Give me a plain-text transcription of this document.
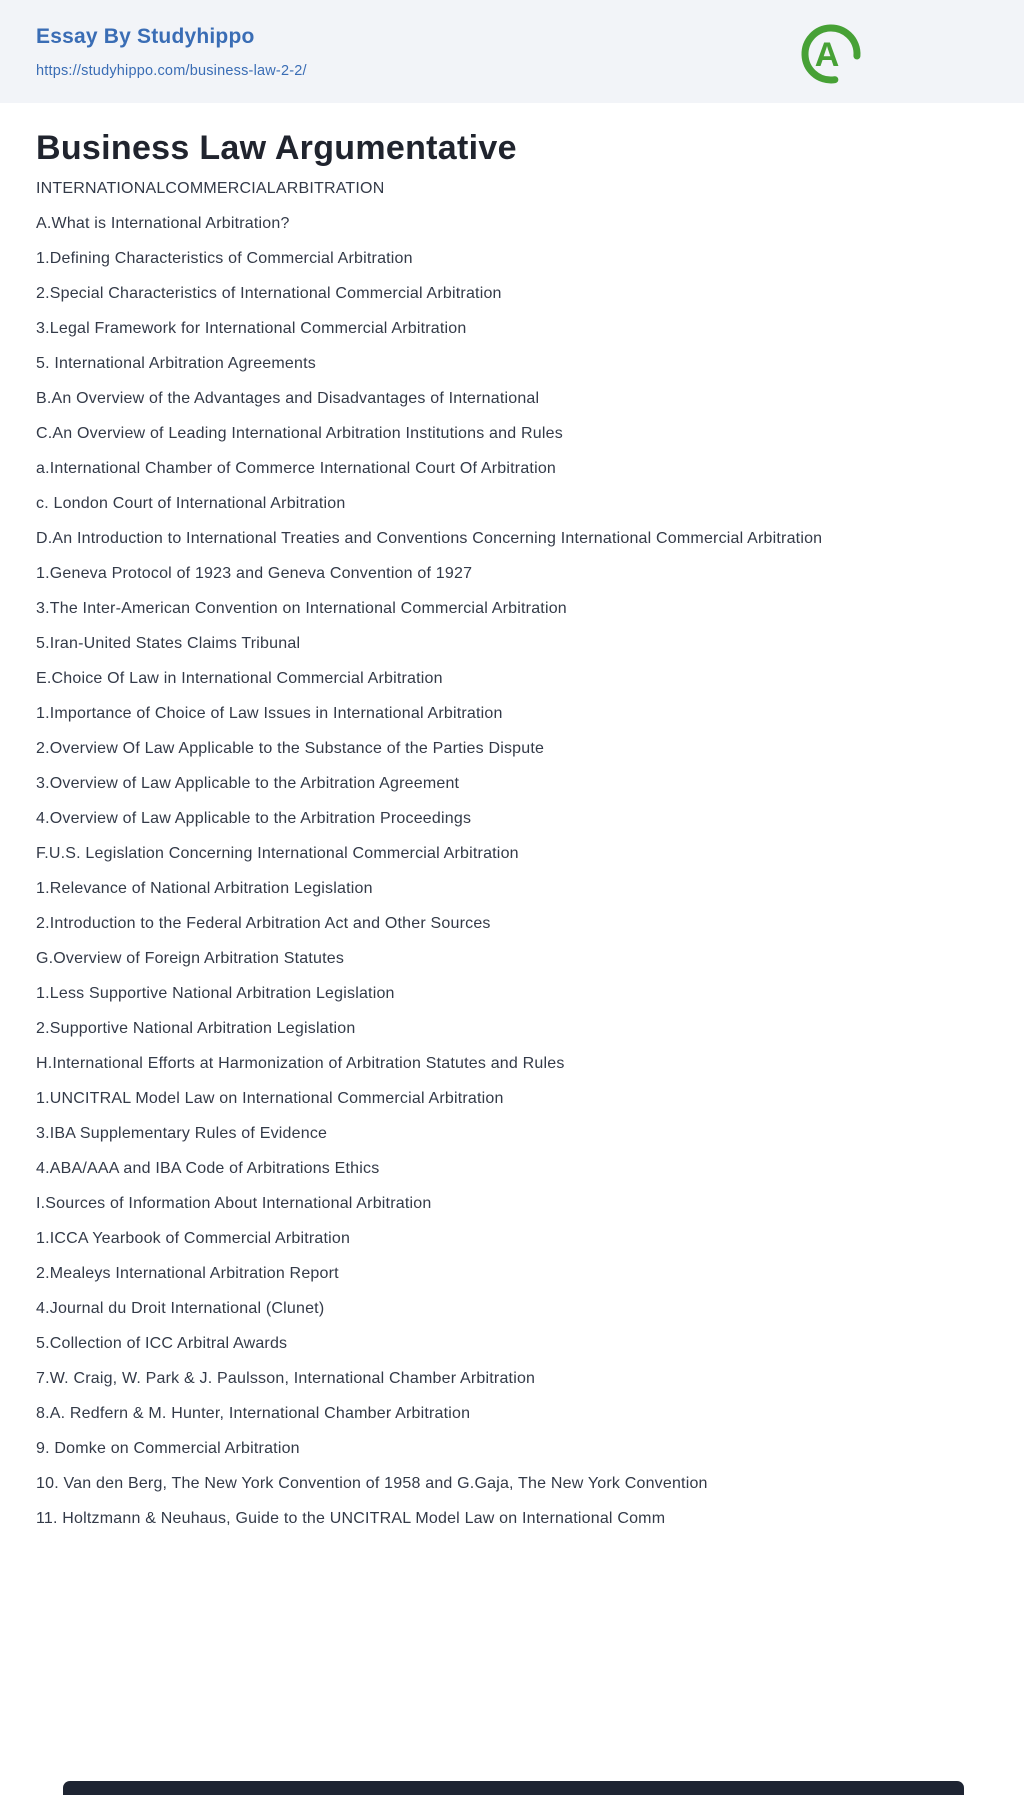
Essay By Studyhippo
https://studyhippo.com/business-law-2-2/	A
Business Law Argumentative

INTERNATIONALCOMMERCIALARBITRATION

A.What is International Arbitration?

1.Defining Characteristics of Commercial Arbitration

2.Special Characteristics of International Commercial Arbitration

3.Legal Framework for International Commercial Arbitration

5. International Arbitration Agreements

B.An Overview of the Advantages and Disadvantages of International

C.An Overview of Leading International Arbitration Institutions and Rules

a.International Chamber of Commerce International Court Of Arbitration

c. London Court of International Arbitration

D.An Introduction to International Treaties and Conventions Concerning International Commercial Arbitration

1.Geneva Protocol of 1923 and Geneva Convention of 1927

3.The Inter-American Convention on International Commercial Arbitration

5.Iran-United States Claims Tribunal

E.Choice Of Law in International Commercial Arbitration

1.Importance of Choice of Law Issues in International Arbitration

2.Overview Of Law Applicable to the Substance of the Parties Dispute

3.Overview of Law Applicable to the Arbitration Agreement

4.Overview of Law Applicable to the Arbitration Proceedings

F.U.S. Legislation Concerning International Commercial Arbitration

1.Relevance of National Arbitration Legislation

2.Introduction to the Federal Arbitration Act and Other Sources

G.Overview of Foreign Arbitration Statutes

1.Less Supportive National Arbitration Legislation

2.Supportive National Arbitration Legislation

H.International Efforts at Harmonization of Arbitration Statutes and Rules

1.UNCITRAL Model Law on International Commercial Arbitration

3.IBA Supplementary Rules of Evidence

4.ABA/AAA and IBA Code of Arbitrations Ethics

I.Sources of Information About International Arbitration

1.ICCA Yearbook of Commercial Arbitration

2.Mealeys International Arbitration Report

4.Journal du Droit International (Clunet)

5.Collection of ICC Arbitral Awards

7.W. Craig, W. Park & J. Paulsson, International Chamber Arbitration

8.A. Redfern & M. Hunter, International Chamber Arbitration

9. Domke on Commercial Arbitration

10. Van den Berg, The New York Convention of 1958 and G.Gaja, The New York Convention

11. Holtzmann & Neuhaus, Guide to the UNCITRAL Model Law on International Comm
